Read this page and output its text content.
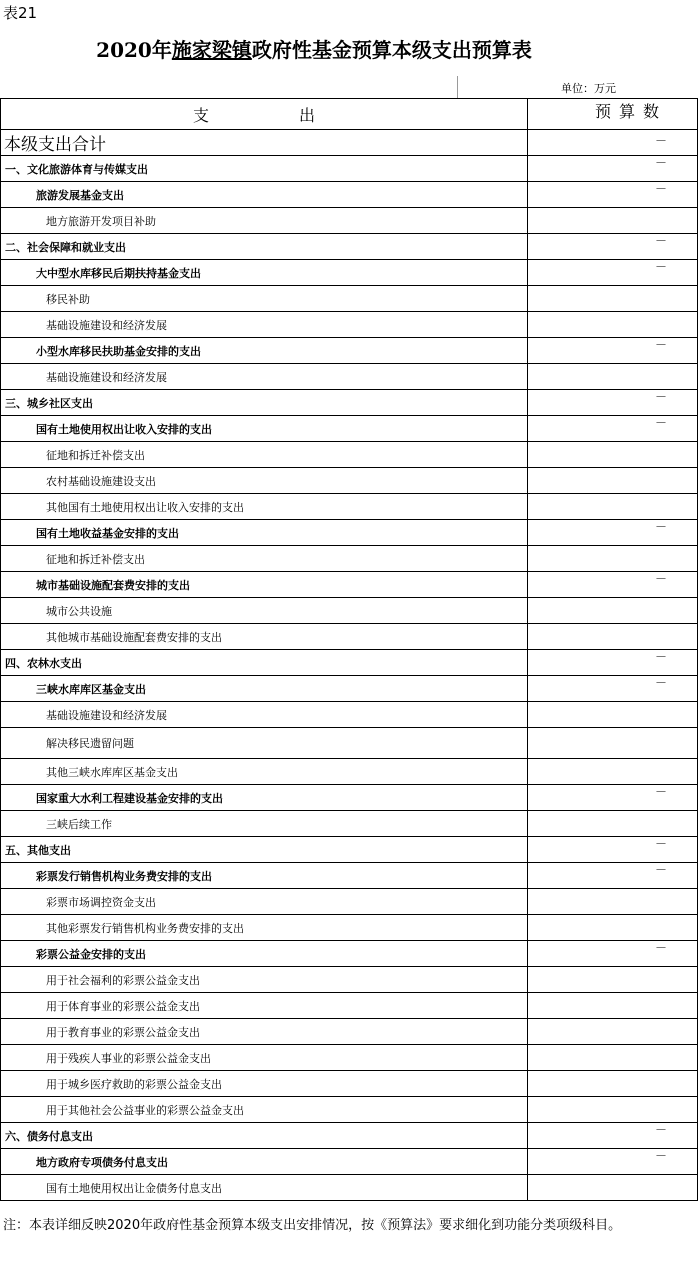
表21
2020年施家梁镇政府性基金预算本级支出预算表
单位：万元
支出	预算数
本级支出合计	－
一、文化旅游体育与传媒支出	－
旅游发展基金支出	－
地方旅游开发项目补助	
二、社会保障和就业支出	－
大中型水库移民后期扶持基金支出	－
移民补助	
基础设施建设和经济发展	
小型水库移民扶助基金安排的支出	－
基础设施建设和经济发展	
三、城乡社区支出	－
国有土地使用权出让收入安排的支出	－
征地和拆迁补偿支出	
农村基础设施建设支出	
其他国有土地使用权出让收入安排的支出	
国有土地收益基金安排的支出	－
征地和拆迁补偿支出	
城市基础设施配套费安排的支出	－
城市公共设施	
其他城市基础设施配套费安排的支出	
四、农林水支出	－
三峡水库库区基金支出	－
基础设施建设和经济发展	
解决移民遗留问题	
其他三峡水库库区基金支出	
国家重大水利工程建设基金安排的支出	－
三峡后续工作	
五、其他支出	－
彩票发行销售机构业务费安排的支出	－
彩票市场调控资金支出	
其他彩票发行销售机构业务费安排的支出	
彩票公益金安排的支出	－
用于社会福利的彩票公益金支出	
用于体育事业的彩票公益金支出	
用于教育事业的彩票公益金支出	
用于残疾人事业的彩票公益金支出	
用于城乡医疗救助的彩票公益金支出	
用于其他社会公益事业的彩票公益金支出	
六、债务付息支出	－
地方政府专项债务付息支出	－
国有土地使用权出让金债务付息支出	
注：本表详细反映2020年政府性基金预算本级支出安排情况，按《预算法》要求细化到功能分类项级科目。
